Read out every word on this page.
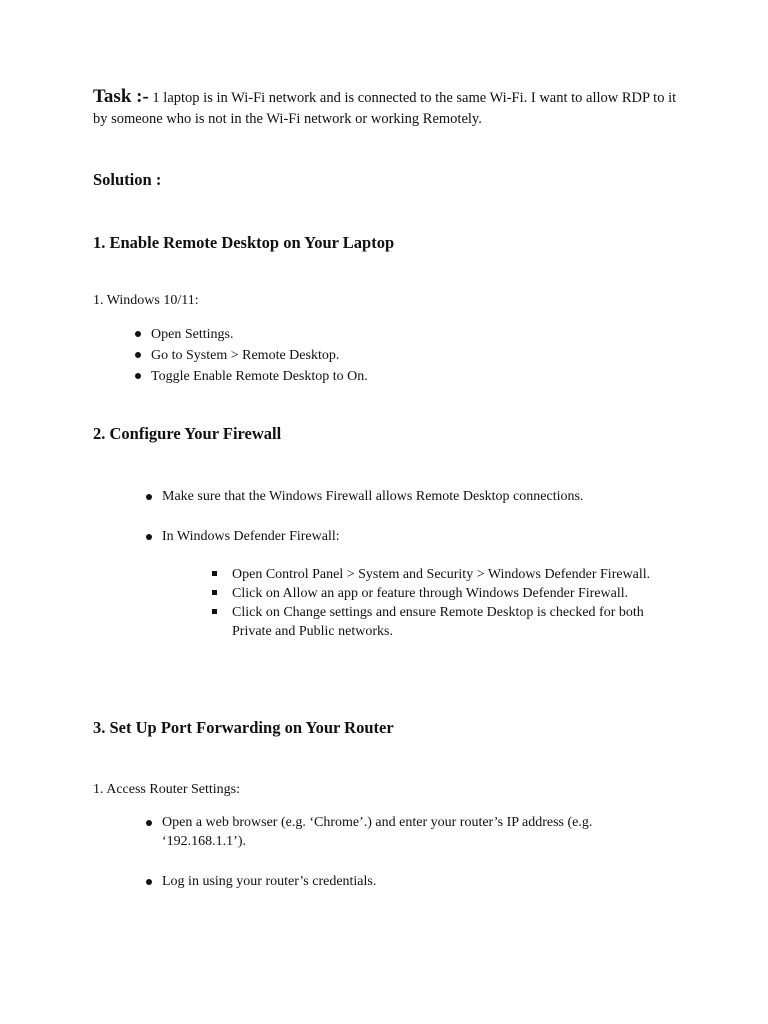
Task :- 1 laptop is in Wi-Fi network and is connected to the same Wi-Fi. I want to allow RDP to it by someone who is not in the Wi-Fi network or working Remotely.
Solution :
1. Enable Remote Desktop on Your Laptop
1. Windows 10/11:
Open Settings.
Go to System > Remote Desktop.
Toggle Enable Remote Desktop to On.
2. Configure Your Firewall
Make sure that the Windows Firewall allows Remote Desktop connections.
In Windows Defender Firewall:
Open Control Panel > System and Security > Windows Defender Firewall.
Click on Allow an app or feature through Windows Defender Firewall.
Click on Change settings and ensure Remote Desktop is checked for both Private and Public networks.
3. Set Up Port Forwarding on Your Router
1. Access Router Settings:
Open a web browser (e.g. ‘Chrome’.) and enter your router’s IP address (e.g. ‘192.168.1.1’).
Log in using your router’s credentials.
